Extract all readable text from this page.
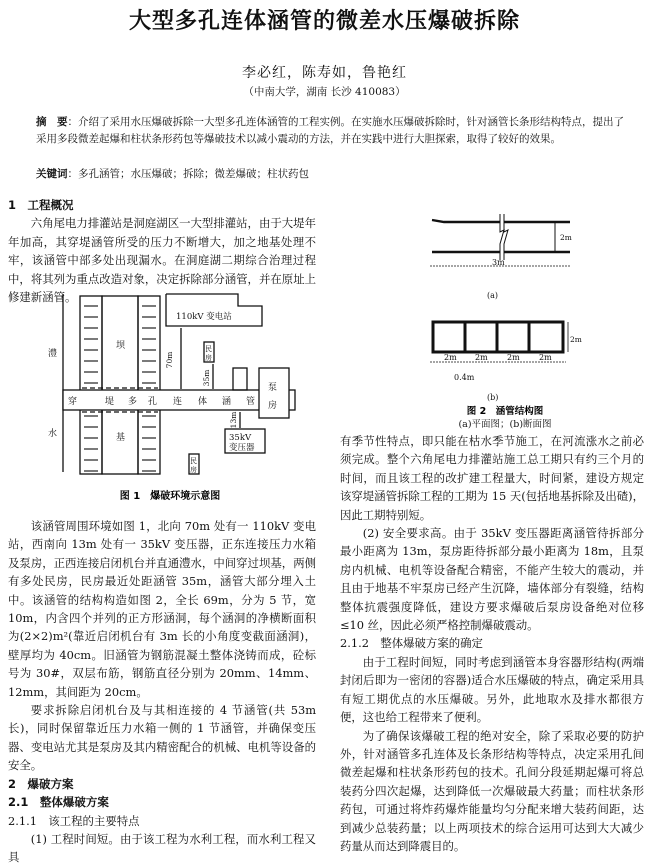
大型多孔连体涵管的微差水压爆破拆除
李必红，陈寿如，鲁艳红
（中南大学，湖南 长沙 410083）
摘　要：介绍了采用水压爆破拆除一大型多孔连体涵管的工程实例。在实施水压爆破拆除时，针对涵管长条形结构特点，提出了采用多段微差起爆和柱状条形药包等爆破技术以减小震动的方法，并在实践中进行大胆探索，取得了较好的效果。
关键词：多孔涵管；水压爆破；拆除；微差爆破；柱状药包
1　工程概况

六角尾电力排灌站是洞庭湖区一大型排灌站，由于大堤年年加高，其穿堤涵管所受的压力不断增大，加之地基处理不牢，该涵管中部多处出现漏水。在洞庭湖二期综合治理过程中，将其列为重点改造对象，决定拆除部分涵管，并在原址上修建新涵管。

澧
水
坝
基
110kV 变电站
泵
房
35kV
变压器
民
房
民
房
70m
35m
13m
穿	堤 多 孔 连 体 涵 管
图 1　爆破环境示意图

该涵管周围环境如图 1，北向 70m 处有一 110kV 变电站，西南向 13m 处有一 35kV 变压器，正东连接压力水箱及泵房，正西连接启闭机台并直通澧水，中间穿过坝基，两侧有多处民房，民房最近处距涵管 35m，涵管大部分埋入土中。该涵管的结构构造如图 2，全长 69m，分为 5 节，宽 10m，内含四个并列的正方形涵洞，每个涵洞的净横断面积为(2×2)m²(靠近启闭机台有 3m 长的小角度变截面涵洞)，壁厚均为 40cm。旧涵管为钢筋混凝土整体浇铸而成，砼标号为 30#，双层布筋，钢筋直径分别为 20mm、14mm、12mm，其间距为 20cm。

要求拆除启闭机台及与其相连接的 4 节涵管(共 53m 长)，同时保留靠近压力水箱一侧的 1 节涵管，并确保变压器、变电站尤其是泵房及其内精密配合的机械、电机等设备的安全。

2　爆破方案
2.1　整体爆破方案
2.1.1　该工程的主要特点

(1) 工程时间短。由于该工程为水利工程，而水利工程又具

2m
3m
(a)
2m
2m 2m 2m 2m
0.4m
(b)
图 2　涵管结构图
(a)平面图；(b)断面图

有季节性特点，即只能在枯水季节施工，在河流涨水之前必须完成。整个六角尾电力排灌站施工总工期只有约三个月的时间，而且该工程的改扩建工程量大，时间紧，建设方规定该穿堤涵管拆除工程的工期为 15 天(包括地基拆除及出碴)，因此工期特别短。

(2) 安全要求高。由于 35kV 变压器距离涵管待拆部分最小距离为 13m，泵房距待拆部分最小距离为 18m，且泵房内机械、电机等设备配合精密，不能产生较大的震动，并且由于地基不牢泵房已经产生沉降，墙体部分有裂缝，结构整体抗震强度降低，建设方要求爆破后泵房设备绝对位移≤10 丝，因此必须严格控制爆破震动。

2.1.2　整体爆破方案的确定

由于工程时间短，同时考虑到涵管本身容器形结构(两端封闭后即为一密闭的容器)适合水压爆破的特点，确定采用具有短工期优点的水压爆破。另外，此地取水及排水都很方便，这也给工程带来了便利。

为了确保该爆破工程的绝对安全，除了采取必要的防护外，针对涵管多孔连体及长条形结构等特点，决定采用孔间微差起爆和柱状条形药包的技术。孔间分段延期起爆可将总装药分四次起爆，达到降低一次爆破最大药量；而柱状条形药包，可通过将炸药爆炸能量均匀分配来增大装药间距，达到减少总装药量；以上两项技术的综合运用可达到大大减少药量从而达到降震目的。
